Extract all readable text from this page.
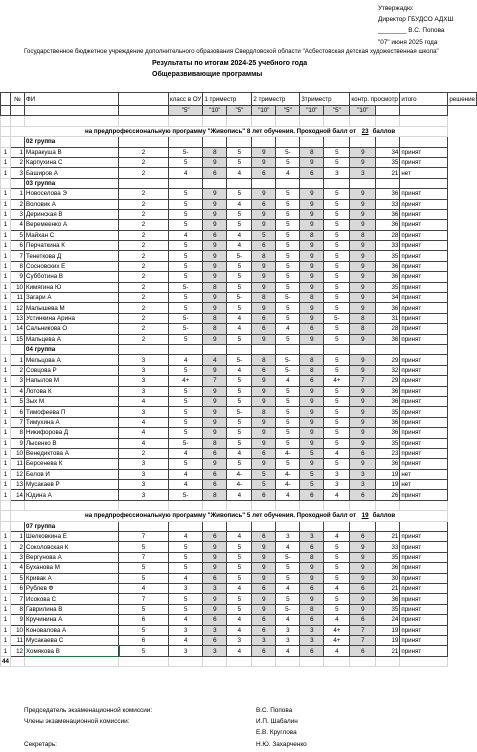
Утвержадю:
Директор ГБУДСО АДХШ
________ В.С. Попова
"07" июня 2025 года
Государственное бюджетное учреждение дополнительного образования Свердловской области "Асбестовская детская художественная школа"
Результаты по итогам 2024-25 учебного года
Общеразвивающие программы
	№	ФИ		класс в ОУ	1 триместр		2 триместр		3триместр		контр. просмотр		итого	решение
				"5"	"10"	"5"	"10"	"5"	"10"	"5"	"10"			

	на предпрофессиональную программу "Живопись" 8 лет обучения. Проходной балл от 23 баллов													
		02 группа												
1	1	Маракуша В	2	5-	8	5	9	5-	8	5	9	34	принят	
1	2	Карпухина С	2	5	9	5	9	5	9	5	9	35	принят	
1	3	Баширов А	2	4	6	4	6	4	6	3	3	21	нет	
		03 группа												
1	1	Новоселова Э	2	5	9	5	9	5	9	5	9	36	принят	
1	2	Воловик А	2	5	9	4	6	5	9	5	9	33	принят	
1	3	Деринская В	2	5	9	5	9	5	9	5	9	36	принят	
1	4	Веремеенко А	2	5	9	5	9	5	9	5	9	36	принят	
1	5	Майхан С	2	4	6	4	5	5	8	5	8	28	принят	
1	6	Перчаткина К	2	5	9	4	6	5	9	5	9	33	принят	
1	7	Тенеткова Д	2	5	9	5-	8	5	9	5	9	35	принят	
1	8	Сосновских Е	2	5	9	5	9	5	9	5	9	36	принят	
1	9	Субботина В	2	5	9	5	9	5	9	5	9	36	принят	
1	10	Кимягина Ю	2	5-	8	5	9	5	9	5	9	35	принят	
1	11	Загари А	2	5	9	5-	8	5-	8	5	9	34	принят	
1	12	Малышева М	2	5	9	5	9	5	9	5	9	36	принят	
1	13	Устинкина Арина	2	5-	8	4	6	5	9	5-	8	31	принят	
1	14	Сальникова О	2	5-	8	4	6	4	6	5	8	28	принят	
1	15	Мальцева А	2	5	9	5	9	5	9	5	9	36	принят	
		04 группа												
1	1	Мельцова А	3	4	4	5-	8	5-	8	5	9	29	принят	
1	2	Совцова Р	3	5	9	4	6	5-	8	5	9	32	принят	
1	3	Напылов М	3	4+	7	5	9	4	6	4+	7	29	принят	
1	4	Лотова К	3	5	9	5	9	5	9	5	9	36	принят	
1	5	Зых М	4	5	9	5	9	5	9	5	9	36	принят	
1	6	Тимофеева П	3	5	9	5-	8	5	9	5	9	35	принят	
1	7	Тимухина А	4	5	9	5	9	5	9	5	9	36	принят	
1	8	Никифорова Д	4	5	9	5	9	5	9	5	9	36	принят	
1	9	Лысенко В	4	5-	8	5	9	5	9	5	9	35	принят	
1	10	Венедиктова А	2	4	6	4	6	4-	5	4	6	23	принят	
1	11	Берсенева К	3	5	9	5	9	5	9	5	9	36	принят	
1	12	Белов И	3	4	6	4-	5	4-	5	3	3	19	нет	
1	13	Мусакаев Р	3	4	6	4-	5	4-	5	3	3	19	нет	
1	14	Юдина А	3	5-	8	4	6	4	6	4	6	26	принят	

	на предпрофессиональную программу "Живопись" 5 лет обучения. Проходной балл от 19 баллов													
		07 группа												
1	1	Шелковкина Е	7	4	6	4	6	3	3	4	6	21	принят	
1	2	Соколовская К	5	5	9	5	9	4	6	5	9	33	принят	
1	3	Вергунова А	7	5	9	5	9	5-	8	5	9	35	принят	
1	4	Буханова М	5	5	9	5	9	5	9	5	9	36	принят	
1	5	Кривак А	5	4	6	5	9	5	9	5	9	30	принят	
1	6	Рублев Ф	4	3	3	4	6	4	6	4	6	21	принят	
1	7	Исокова С	7	5	9	5	9	5	9	5	9	36	принят	
1	8	Гаврилина В	5	5	9	5	9	5-	8	5	9	35	принят	
1	9	Кручинина А	6	4	6	4	6	4	6	4	6	24	принят	
1	10	Коновалова А	5	3	3	4	6	3	3	4+	7	19	принят	
1	11	Мусакаева С	6	4	6	3	3	3	3	4+	7	19	принят	
1	12	Хомякова В	5	3	3	4	6	4	6	4	6	21	принят	
44														
Председатель экзаменационной комиссии:	В.С. Попова
Члены экзаменационной комиссии:	И.П. Шабалин
Е.В. Круглова
Секретарь:	Н.Ю. Захарченко
